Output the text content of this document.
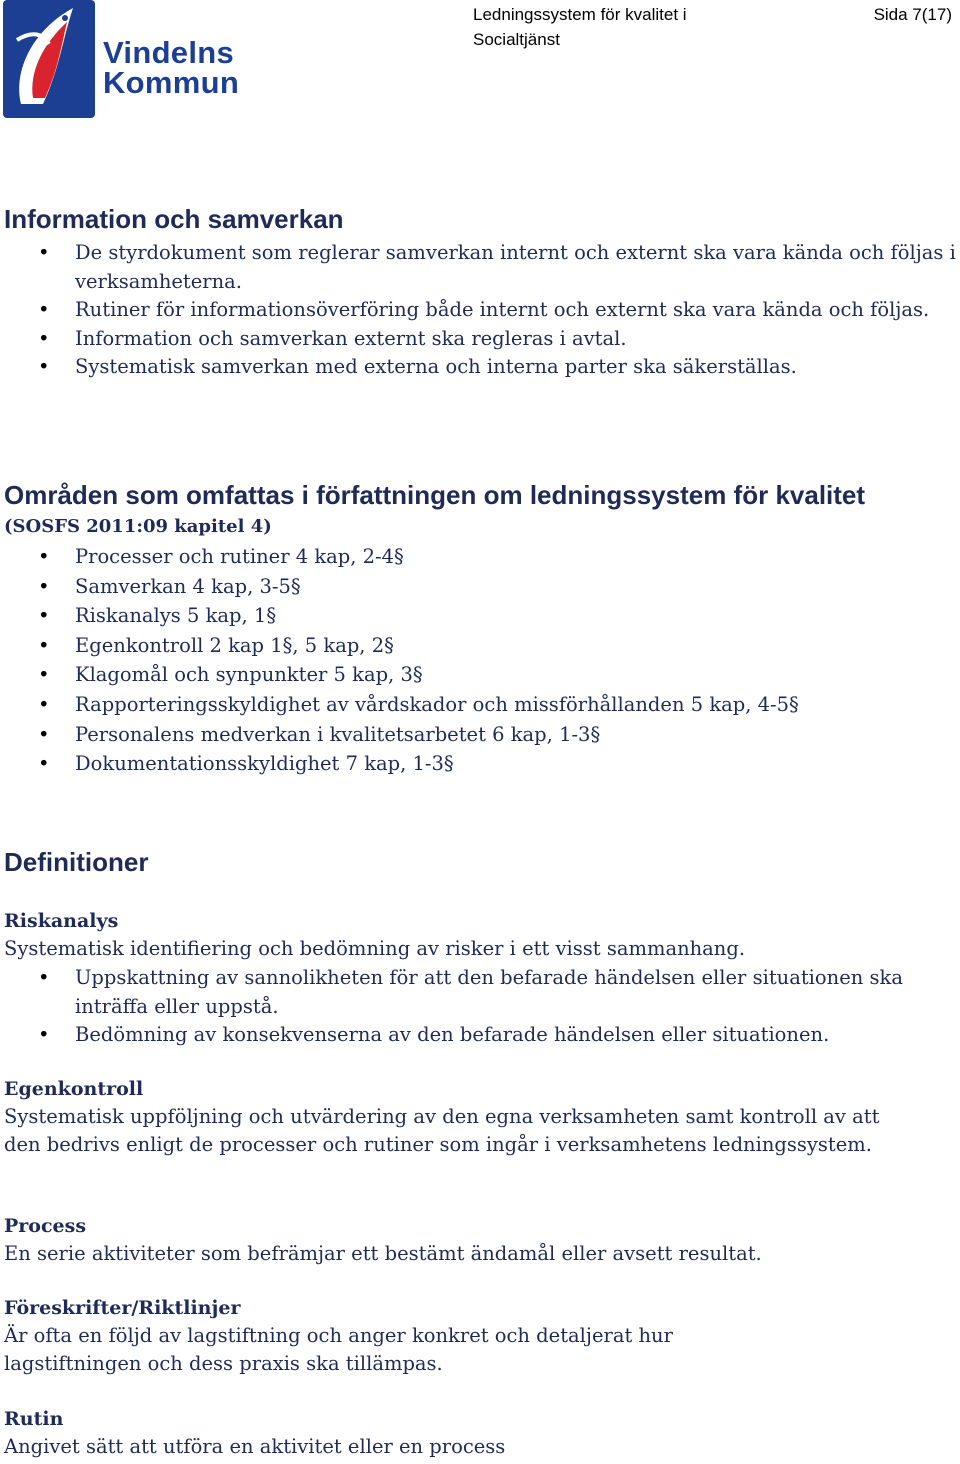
Vindelns
Kommun
Ledningssystem för kvalitet i Socialtjänst
Sida 7(17)
Information och samverkan
• De styrdokument som reglerar samverkan internt och externt ska vara kända och följas i verksamheterna.
• Rutiner för informationsöverföring både internt och externt ska vara kända och följas.
• Information och samverkan externt ska regleras i avtal.
• Systematisk samverkan med externa och interna parter ska säkerställas.
Områden som omfattas i författningen om ledningssystem för kvalitet
(SOSFS 2011:09 kapitel 4)
• Processer och rutiner 4 kap, 2-4§
• Samverkan 4 kap, 3-5§
• Riskanalys 5 kap, 1§
• Egenkontroll 2 kap 1§, 5 kap, 2§
• Klagomål och synpunkter 5 kap, 3§
• Rapporteringsskyldighet av vårdskador och missförhållanden 5 kap, 4-5§
• Personalens medverkan i kvalitetsarbetet 6 kap, 1-3§
• Dokumentationsskyldighet 7 kap, 1-3§
Definitioner
Riskanalys

Systematisk identifiering och bedömning av risker i ett visst sammanhang.

• Uppskattning av sannolikheten för att den befarade händelsen eller situationen ska inträffa eller uppstå.
• Bedömning av konsekvenserna av den befarade händelsen eller situationen.
Egenkontroll

Systematisk uppföljning och utvärdering av den egna verksamheten samt kontroll av att den bedrivs enligt de processer och rutiner som ingår i verksamhetens ledningssystem.

Process

En serie aktiviteter som befrämjar ett bestämt ändamål eller avsett resultat.

Föreskrifter/Riktlinjer

Är ofta en följd av lagstiftning och anger konkret och detaljerat hur lagstiftningen och dess praxis ska tillämpas.

Rutin

Angivet sätt att utföra en aktivitet eller en process
